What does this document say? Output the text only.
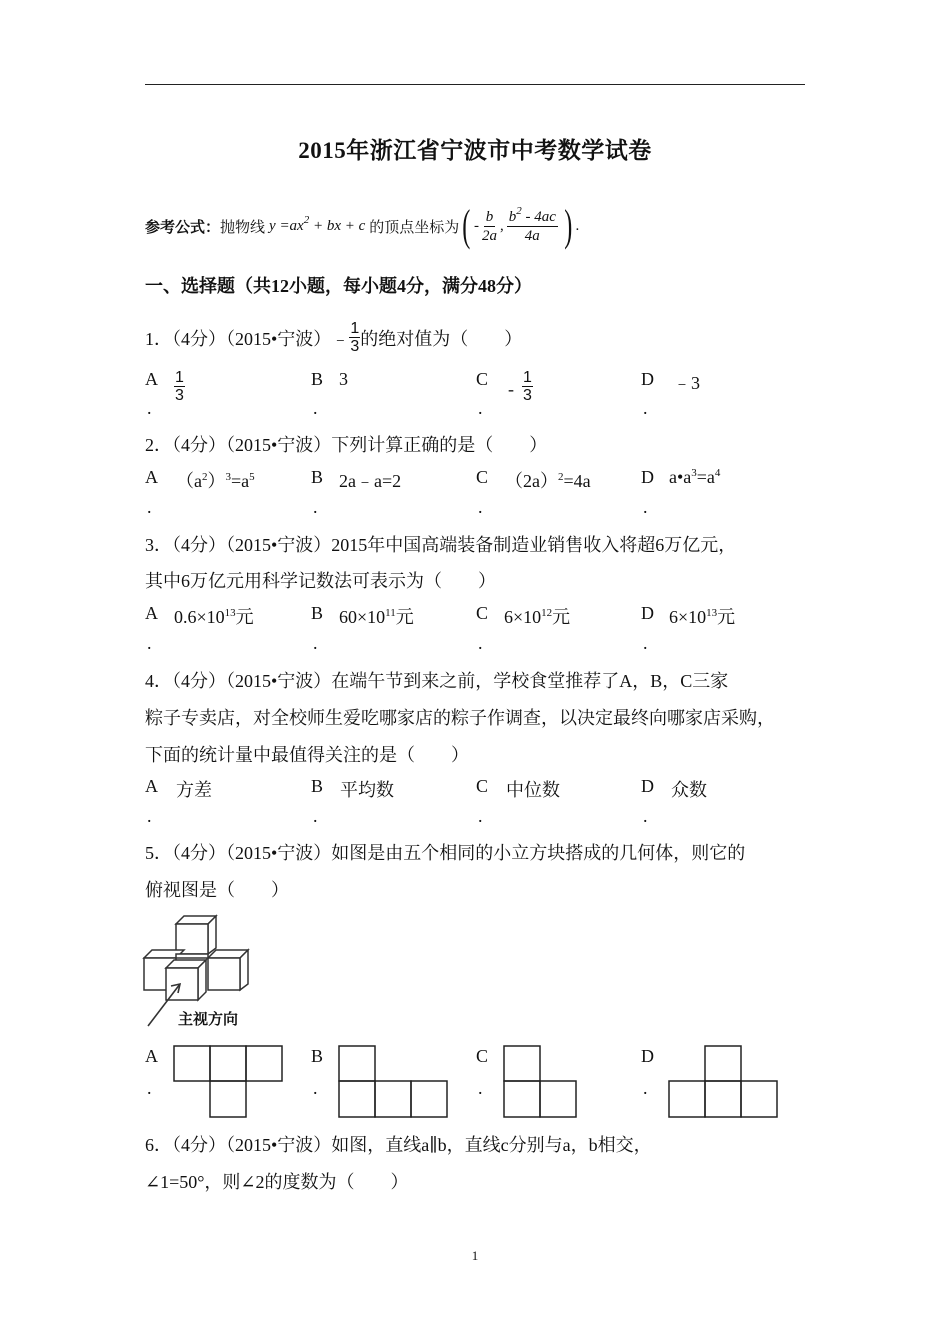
2015年浙江省宁波市中考数学试卷
参考公式： 抛物线 $y =ax^2$ + bx + c 的顶点坐标为 ( - $\frac{b}{2a}$ , $\frac{b^2 - 4ac}{4a}$ ) .
一、选择题（共12小题，每小题4分，满分48分）
1．（4分）（2015•宁波） ﹣ $\frac{1}{3}$ 的绝对值为（　　）
A
.
$\frac{1}{3}$	B
.
3	C
.
- $\frac{1}{3}$	D
.
﹣3
2．（4分）（2015•宁波）下列计算正确的是（　　）
A
.
$(a^2)^3=a^5$	B
.
2a﹣a=2	C
.
$(2a)^2=4a$	D
.
$a•a^3=a^4$
3．（4分）（2015•宁波）2015年中国高端装备制造业销售收入将超6万亿元，
其中6万亿元用科学记数法可表示为（　　）
A
.
$0.6\times 10^{13}$元	B
.
$60\times 10^{11}$元	C
.
$6\times 10^{12}$元	D
.
$6\times 10^{13}$元
4．（4分）（2015•宁波）在端午节到来之前，学校食堂推荐了A，B，C三家
粽子专卖店，对全校师生爱吃哪家店的粽子作调查，以决定最终向哪家店采购，
下面的统计量中最值得关注的是（　　）
A
.
方差	B
.
平均数	C
.
中位数	D
.
众数
5．（4分）（2015•宁波）如图是由五个相同的小立方块搭成的几何体，则它的
俯视图是（　　）
主视方向
A
.
B
.
C
.
D
.
6．（4分）（2015•宁波）如图，直线a∥b，直线c分别与a，b相交，
∠1=50°，则∠2的度数为（　　）
1
